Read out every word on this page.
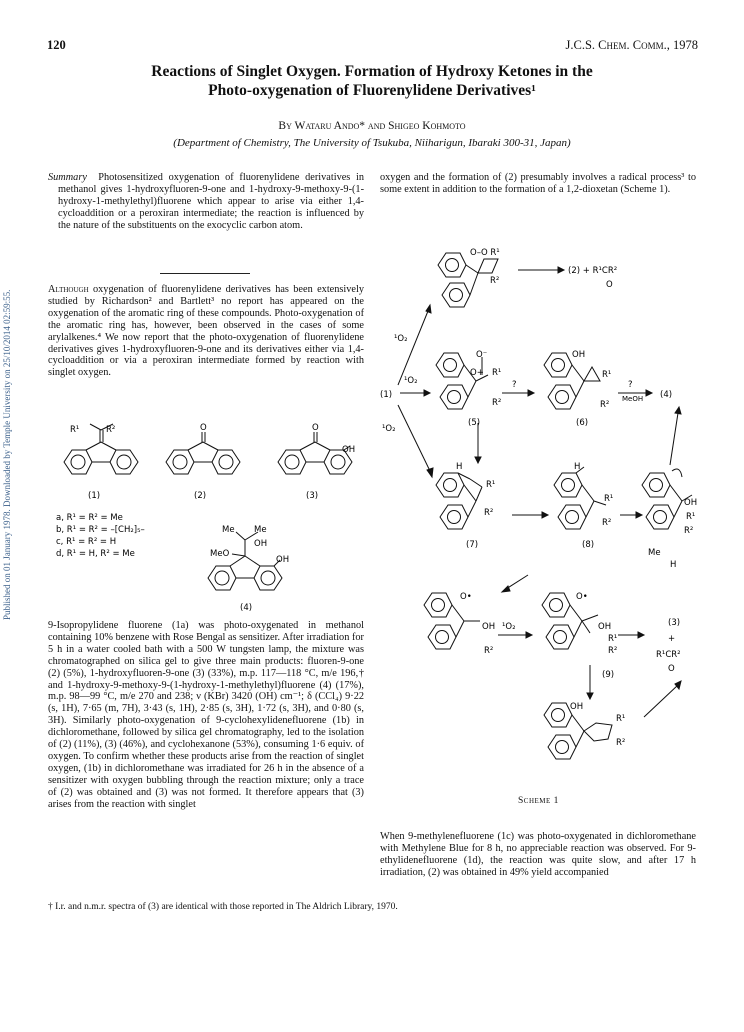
120	J.C.S. Chem. Comm., 1978
Published on 01 January 1978. Downloaded by Temple University on 25/10/2014 02:59:55.
Reactions of Singlet Oxygen. Formation of Hydroxy Ketones in the
Photo-oxygenation of Fluorenylidene Derivatives¹
By Wataru Ando* and Shigeo Kohmoto
(Department of Chemistry, The University of Tsukuba, Niiharigun, Ibaraki 300-31, Japan)
Summary Photosensitized oxygenation of fluorenylidene derivatives in methanol gives 1-hydroxyfluoren-9-one and 1-hydroxy-9-methoxy-9-(1-hydroxy-1-methylethyl)fluorene which appear to arise via either 1,4-cycloaddition or a peroxiran intermediate; the reaction is influenced by the nature of the substituents on the exocyclic carbon atom.
Although oxygenation of fluorenylidene derivatives has been extensively studied by Richardson² and Bartlett³ no report has appeared on the oxygenation of the aromatic ring of these compounds. Photo-oxygenation of the aromatic ring has, however, been observed in the cases of some arylalkenes.⁴ We now report that the photo-oxygenation of fluorenylidene derivatives gives 1-hydroxyfluoren-9-one and its derivatives either via 1,4-cycloaddition or via a peroxiran intermediate formed by reaction with singlet oxygen.
R¹	R²	O	O
OH
(1)	(2)	(3)
a, R¹ = R² = Me
b, R¹ = R² = –[CH₂]₅–
c, R¹ = R² = H
d, R¹ = H, R² = Me
Me Me
OH
MeO
OH
(4)
9-Isopropylidene fluorene (1a) was photo-oxygenated in methanol containing 10% benzene with Rose Bengal as sensitizer. After irradiation for 5 h in a water cooled bath with a 500 W tungsten lamp, the mixture was chromatographed on silica gel to give three main products: fluoren-9-one (2) (5%), 1-hydroxyfluoren-9-one (3) (33%), m.p. 117—118 °C, m/e 196,† and 1-hydroxy-9-methoxy-9-(1-hydroxy-1-methylethyl)fluorene (4) (17%), m.p. 98—99 °C, m/e 270 and 238; ν (KBr) 3420 (OH) cm⁻¹; δ (CCl₄) 9·22 (s, 1H), 7·65 (m, 7H), 3·43 (s, 1H), 2·85 (s, 3H), 1·72 (s, 3H), and 0·80 (s, 3H). Similarly photo-oxygenation of 9-cyclohexylidenefluorene (1b) in dichloromethane, followed by silica gel chromatography, led to the isolation of (2) (11%), (3) (46%), and cyclohexanone (53%), consuming 1·6 equiv. of oxygen. To confirm whether these products arise from the reaction of singlet oxygen, (1b) in dichloromethane was irradiated for 26 h in the absence of a sensitizer with oxygen bubbling through the reaction mixture; only a trace of (2) was obtained and (3) was not formed. It therefore appears that (3) arises from the reaction with singlet
oxygen and the formation of (2) presumably involves a radical process³ to some extent in addition to the formation of a 1,2-dioxetan (Scheme 1).
O–O R¹
R²
(2) + R¹CR²
O
¹O₂
¹O₂
¹O₂
(1)
O⁻
O+ R¹
R²
(5)
?
OH
R¹
R²
(6)
?
MeOH (4)
H
R¹
R²
(7)
H
R¹
R²
(8)
OH
R¹
R²
Me
H
O•
OH
R²
¹O₂
O•
OH
R¹
R²
(9)
(3)
+
R¹CR²
O
OH
R¹
R²
Scheme 1
When 9-methylenefluorene (1c) was photo-oxygenated in dichloromethane with Methylene Blue for 8 h, no appreciable reaction was observed. For 9-ethylidenefluorene (1d), the reaction was quite slow, and after 17 h irradiation, (2) was obtained in 49% yield accompanied
† I.r. and n.m.r. spectra of (3) are identical with those reported in The Aldrich Library, 1970.
